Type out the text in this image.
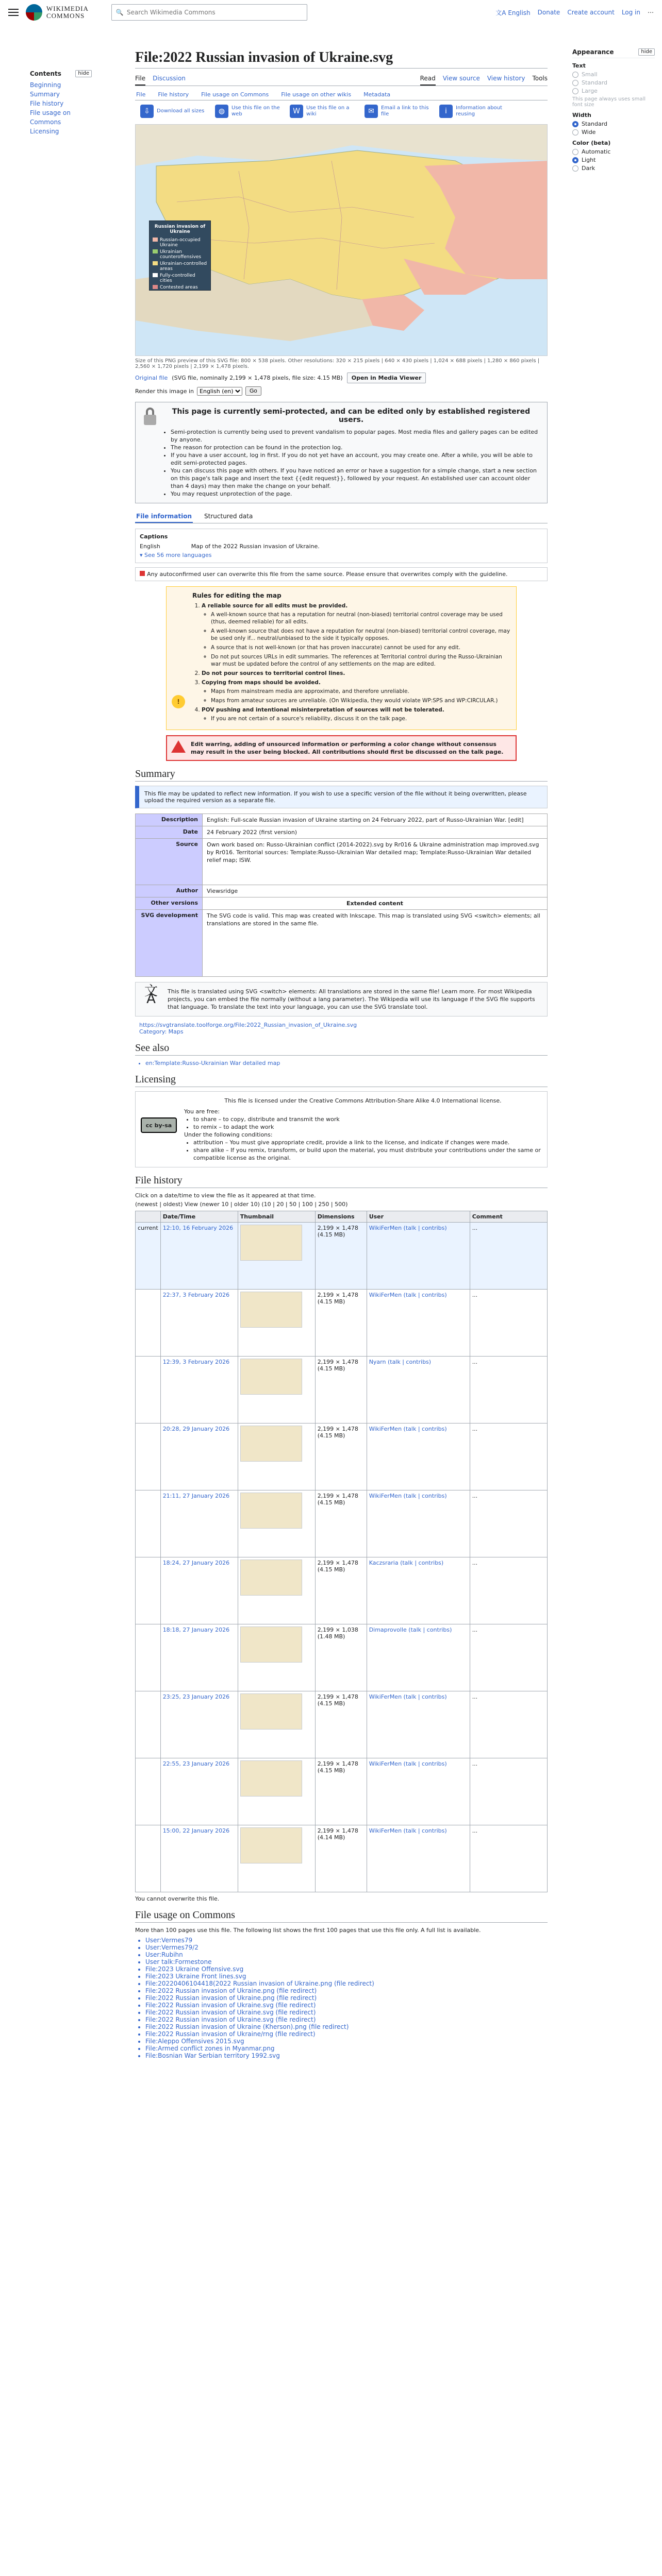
WIKIMEDIA
COMMONS	🔍
Search Wikimedia Commons	文A English Donate Create account Log in ⋯
Contents	hide
Beginning
Summary
File history
File usage on Commons
Licensing
Appearance	hide
Text
Small
Standard
Large
This page always uses small font size
Width
Standard
Wide
Color (beta)
Automatic
Light
Dark
File:2022 Russian invasion of Ukraine.svg
File Discussion	Read View source View history Tools
File File history File usage on Commons File usage on other wikis Metadata
⇩	Download all sizes	◍	Use this file on the web	W	Use this file on a wiki	✉	Email a link to this file	i	Information about reusing
Russian invasion of Ukraine
Russian-occupied Ukraine
Ukrainian counteroffensives
Ukrainian-controlled areas
Fully-controlled cities
Contested areas
Size of this PNG preview of this SVG file: 800 × 538 pixels. Other resolutions: 320 × 215 pixels | 640 × 430 pixels | 1,024 × 688 pixels | 1,280 × 860 pixels | 2,560 × 1,720 pixels | 2,199 × 1,478 pixels.
Original file (SVG file, nominally 2,199 × 1,478 pixels, file size: 4.15 MB)	Open in Media Viewer
Render this image in
English (en)	Go
This page is currently semi-protected, and can be edited only by established registered users.
• Semi-protection is currently being used to prevent vandalism to popular pages. Most media files and gallery pages can be edited by anyone.
• The reason for protection can be found in the protection log.
• If you have a user account, log in first. If you do not yet have an account, you may create one. After a while, you will be able to edit semi-protected pages.
• You can discuss this page with others. If you have noticed an error or have a suggestion for a simple change, start a new section on this page's talk page and insert the text {{edit request}}, followed by your request. An established user can account older than 4 days) may then make the change on your behalf.
• You may request unprotection of the page.
File information Structured data
Captions
English	Map of the 2022 Russian invasion of Ukraine.
▾ See 56 more languages
Any autoconfirmed user can overwrite this file from the same source. Please ensure that overwrites comply with the guideline.
!
Rules for editing the map
1. A reliable source for all edits must be provided.
◦ A well-known source that has a reputation for neutral (non-biased) territorial control coverage may be used (thus, deemed reliable) for all edits.
◦ A well-known source that does not have a reputation for neutral (non-biased) territorial control coverage, may be used only if... neutral/unbiased to the side it typically opposes.
◦ A source that is not well-known (or that has proven inaccurate) cannot be used for any edit.
◦ Do not put sources URLs in edit summaries. The references at Territorial control during the Russo-Ukrainian war must be updated before the control of any settlements on the map are edited.
2. Do not pour sources to territorial control lines.
3. Copying from maps should be avoided.
◦ Maps from mainstream media are approximate, and therefore unreliable.
◦ Maps from amateur sources are unreliable. (On Wikipedia, they would violate WP:SPS and WP:CIRCULAR.)
4. POV pushing and intentional misinterpretation of sources will not be tolerated.
◦ If you are not certain of a source's reliability, discuss it on the talk page.
Edit warring, adding of unsourced information or performing a color change without consensus may result in the user being blocked. All contributions should first be discussed on the talk page.
Summary
This file may be updated to reflect new information. If you wish to use a specific version of the file without it being overwritten, please upload the required version as a separate file.
Description	English: Full-scale Russian invasion of Ukraine starting on 24 February 2022, part of Russo-Ukrainian War. [edit]
Date	24 February 2022 (first version)
Source	Own work based on: Russo-Ukrainian conflict (2014-2022).svg by Rr016 & Ukraine administration map improved.svg by Rr016. Territorial sources: Template:Russo-Ukrainian War detailed map; Template:Russo-Ukrainian War detailed relief map; ISW.
Author	Viewsridge
Other versions	Extended content
SVG development	The SVG code is valid. This map was created with Inkscape. This map is translated using SVG <switch> elements; all translations are stored in the same file.
文A	This file is translated using SVG <switch> elements: All translations are stored in the same file! Learn more. For most Wikipedia projects, you can embed the file normally (without a lang parameter). The Wikipedia will use its language if the SVG file supports that language. To translate the text into your language, you can use the SVG translate tool.
https://svgtranslate.toolforge.org/File:2022_Russian_invasion_of_Ukraine.svg
Category: Maps
See also
• en:Template:Russo-Ukrainian War detailed map
Licensing
cc by-sa
This file is licensed under the Creative Commons Attribution-Share Alike 4.0 International license.
You are free:
• to share – to copy, distribute and transmit the work
• to remix – to adapt the work
Under the following conditions:
• attribution – You must give appropriate credit, provide a link to the license, and indicate if changes were made.
• share alike – If you remix, transform, or build upon the material, you must distribute your contributions under the same or compatible license as the original.
File history
Click on a date/time to view the file as it appeared at that time.
(newest | oldest) View (newer 10 | older 10) (10 | 20 | 50 | 100 | 250 | 500)
	Date/Time	Thumbnail	Dimensions	User	Comment
current	12:10, 16 February 2026		2,199 × 1,478 (4.15 MB)	WikiFerMen (talk | contribs)	...
	22:37, 3 February 2026		2,199 × 1,478 (4.15 MB)	WikiFerMen (talk | contribs)	...
	12:39, 3 February 2026		2,199 × 1,478 (4.15 MB)	Nyarn (talk | contribs)	...
	20:28, 29 January 2026		2,199 × 1,478 (4.15 MB)	WikiFerMen (talk | contribs)	...
	21:11, 27 January 2026		2,199 × 1,478 (4.15 MB)	WikiFerMen (talk | contribs)	...
	18:24, 27 January 2026		2,199 × 1,478 (4.15 MB)	Kaczsraria (talk | contribs)	...
	18:18, 27 January 2026		2,199 × 1,038 (1.48 MB)	Dimaprovolle (talk | contribs)	...
	23:25, 23 January 2026		2,199 × 1,478 (4.15 MB)	WikiFerMen (talk | contribs)	...
	22:55, 23 January 2026		2,199 × 1,478 (4.15 MB)	WikiFerMen (talk | contribs)	...
	15:00, 22 January 2026		2,199 × 1,478 (4.14 MB)	WikiFerMen (talk | contribs)	...
You cannot overwrite this file.
File usage on Commons
More than 100 pages use this file. The following list shows the first 100 pages that use this file only. A full list is available.
• User:Vermes79
• User:Vermes79/2
• User:Rubihn
• User talk:Formestone
• File:2023 Ukraine Offensive.svg
• File:2023 Ukraine Front lines.svg
• File:20220406104418(2022 Russian invasion of Ukraine.png (file redirect)
• File:2022 Russian invasion of Ukraine.png (file redirect)
• File:2022 Russian invasion of Ukraine.png (file redirect)
• File:2022 Russian invasion of Ukraine.svg (file redirect)
• File:2022 Russian invasion of Ukraine.svg (file redirect)
• File:2022 Russian invasion of Ukraine.svg (file redirect)
• File:2022 Russian invasion of Ukraine (Kherson).png (file redirect)
• File:2022 Russian invasion of Ukraine/rng (file redirect)
• File:Aleppo Offensives 2015.svg
• File:Armed conflict zones in Myanmar.png
• File:Bosnian War Serbian territory 1992.svg
